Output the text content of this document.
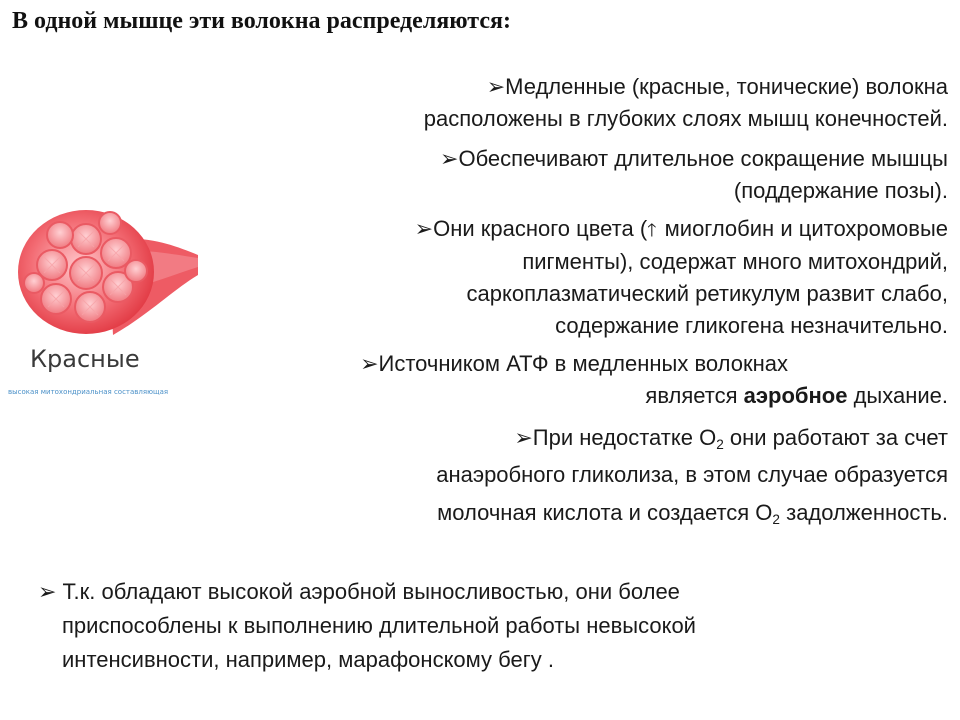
В одной мышце эти волокна распределяются:
Красные
высокая митохондриальная составляющая

➢Медленные (красные, тонические) волокна
расположены в глубоких слоях мышц конечностей.

➢Обеспечивают длительное сокращение мышцы
(поддержание позы).

➢Они красного цвета (🡑 миоглобин и цитохромовые
пигменты), содержат много митохондрий,
саркоплазматический ретикулум развит слабо,
содержание гликогена незначительно.

➢Источником АТФ в медленных волокнах
является аэробное дыхание.

➢При недостатке $О_2$ они работают за счет
анаэробного гликолиза, в этом случае образуется
молочная кислота и создается $О_2$ задолженность.

➢ Т.к. обладают высокой аэробной выносливостью, они более
приспособлены к выполнению длительной работы невысокой
интенсивности, например, марафонскому бегу .
